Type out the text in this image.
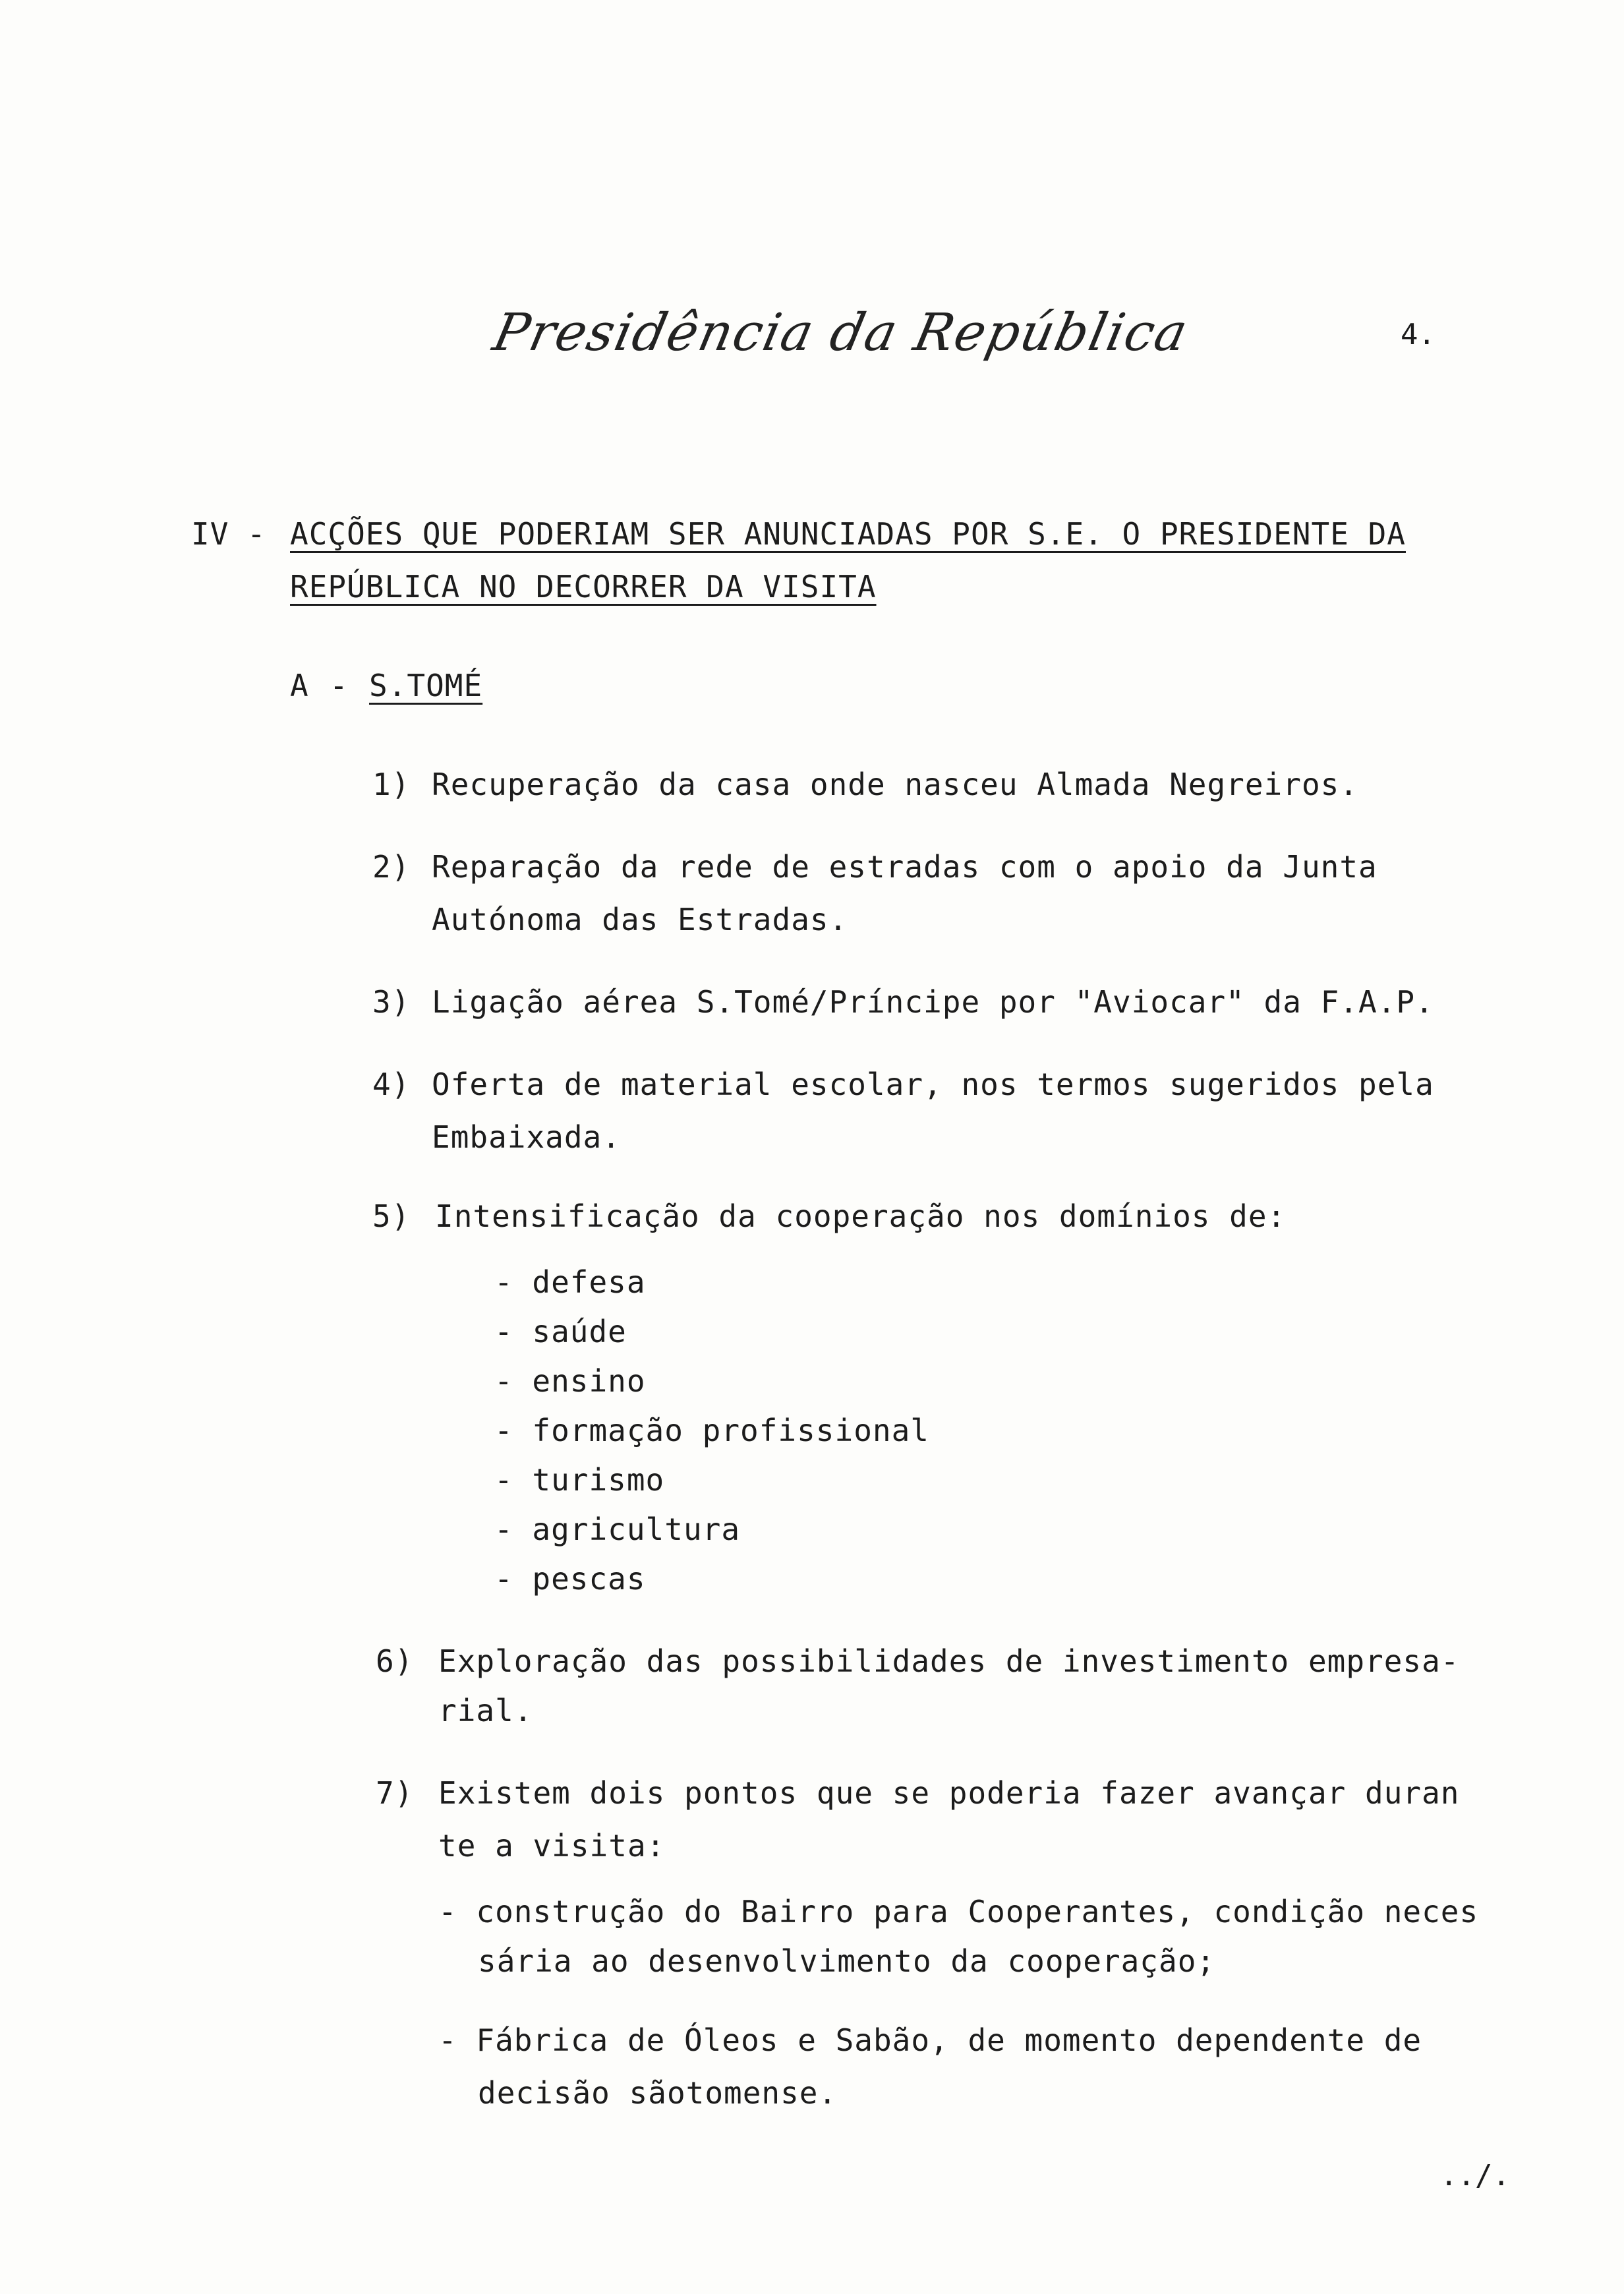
Presidência da República	4.
IV - ACÇÕES QUE PODERIAM SER ANUNCIADAS POR S.E. O PRESIDENTE DA
REPÚBLICA NO DECORRER DA VISITA
A - S.TOMÉ
1) Recuperação da casa onde nasceu Almada Negreiros.
2) Reparação da rede de estradas com o apoio da Junta
Autónoma das Estradas.
3) Ligação aérea S.Tomé/Príncipe por "Aviocar" da F.A.P.
4) Oferta de material escolar, nos termos sugeridos pela
Embaixada.
5) Intensificação da cooperação nos domínios de:
- defesa
- saúde
- ensino
- formação profissional
- turismo
- agricultura
- pescas
6) Exploração das possibilidades de investimento empresa-
rial.
7) Existem dois pontos que se poderia fazer avançar duran
te a visita:
- construção do Bairro para Cooperantes, condição neces
sária ao desenvolvimento da cooperação;
- Fábrica de Óleos e Sabão, de momento dependente de
decisão sãotomense.
../.
